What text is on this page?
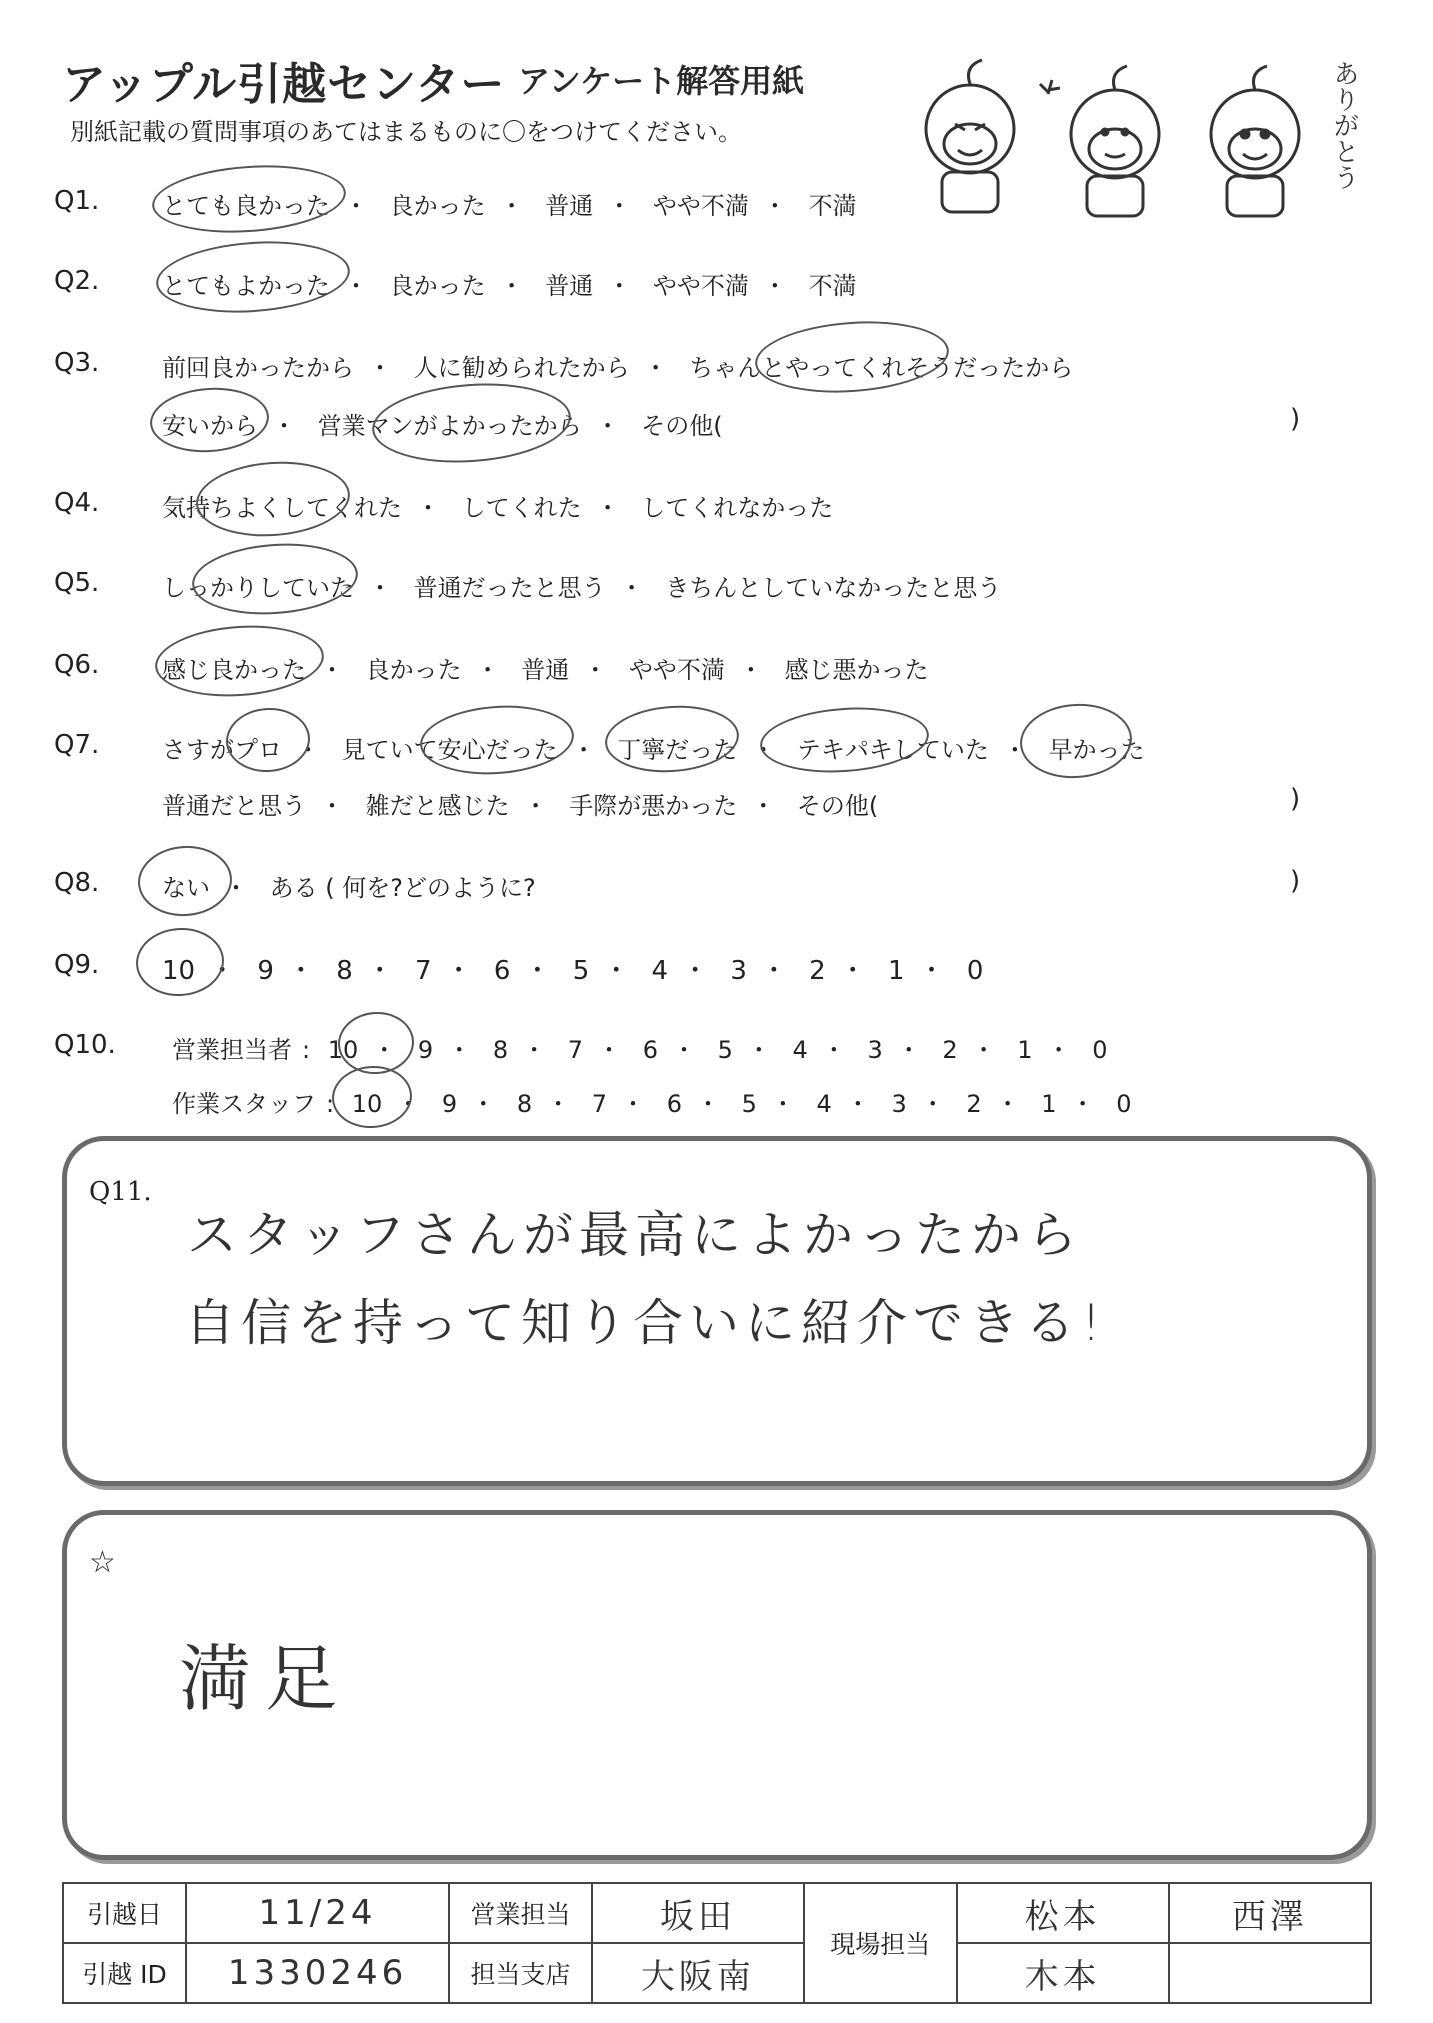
アップル引越センター アンケート解答用紙
別紙記載の質問事項のあてはまるものに〇をつけてください。	ありがとう
Q1.	とても良かった ・ 良かった ・ 普通 ・ やや不満 ・ 不満
Q2.	とてもよかった ・ 良かった ・ 普通 ・ やや不満 ・ 不満
Q3.	前回良かったから ・ 人に勧められたから ・ ちゃんとやってくれそうだったから
安いから ・ 営業マンがよかったから ・ その他(	)
Q4.	気持ちよくしてくれた ・ してくれた ・ してくれなかった
Q5.	しっかりしていた ・ 普通だったと思う ・ きちんとしていなかったと思う
Q6.	感じ良かった ・ 良かった ・ 普通 ・ やや不満 ・ 感じ悪かった
Q7.	さすがプロ ・ 見ていて安心だった ・ 丁寧だった ・ テキパキしていた ・ 早かった
普通だと思う ・ 雑だと感じた ・ 手際が悪かった ・ その他(	)
Q8.	ない ・ ある ( 何を?どのように?	)
Q9. 10 ・ 9 ・ 8 ・ 7 ・ 6 ・ 5 ・ 4 ・ 3 ・ 2 ・ 1 ・ 0
Q10. 営業担当者 : 10 ・ 9 ・ 8 ・ 7 ・ 6 ・ 5 ・ 4 ・ 3 ・ 2 ・ 1 ・ 0
作業スタッフ : 10 ・ 9 ・ 8 ・ 7 ・ 6 ・ 5 ・ 4 ・ 3 ・ 2 ・ 1 ・ 0
Q11.
スタッフさんが最高によかったから
自信を持って知り合いに紹介できる!
☆
満足
引越日	11/24	営業担当	坂田	現場担当	松本	西澤
引越 ID	1330246	担当支店	大阪南		木本	
